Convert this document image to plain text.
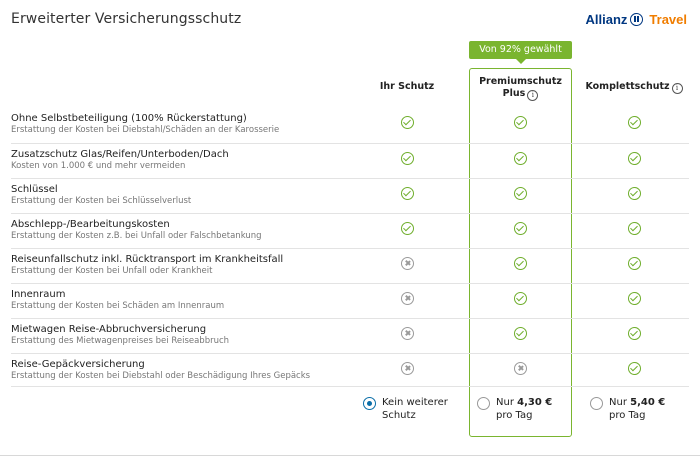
Erweiterter Versicherungsschutz	Allianz Travel
Von 92% gewählt
Ihr Schutz	Premiumschutz
Plus i
Komplettschutz i
Ohne Selbstbeteiligung (100% Rückerstattung)
Erstattung der Kosten bei Diebstahl/Schäden an der Karosserie
Zusatzschutz Glas/Reifen/Unterboden/Dach
Kosten von 1.000 € und mehr vermeiden
Schlüssel
Erstattung der Kosten bei Schlüsselverlust
Abschlepp-/Bearbeitungskosten
Erstattung der Kosten z.B. bei Unfall oder Falschbetankung
Reiseunfallschutz inkl. Rücktransport im Krankheitsfall
Erstattung der Kosten bei Unfall oder Krankheit
Innenraum
Erstattung der Kosten bei Schäden am Innenraum
Mietwagen Reise-Abbruchversicherung
Erstattung des Mietwagenpreises bei Reiseabbruch
Reise-Gepäckversicherung
Erstattung der Kosten bei Diebstahl oder Beschädigung Ihres Gepäcks
Kein weiterer
Schutz
Nur 4,30 €
pro Tag
Nur 5,40 €
pro Tag
